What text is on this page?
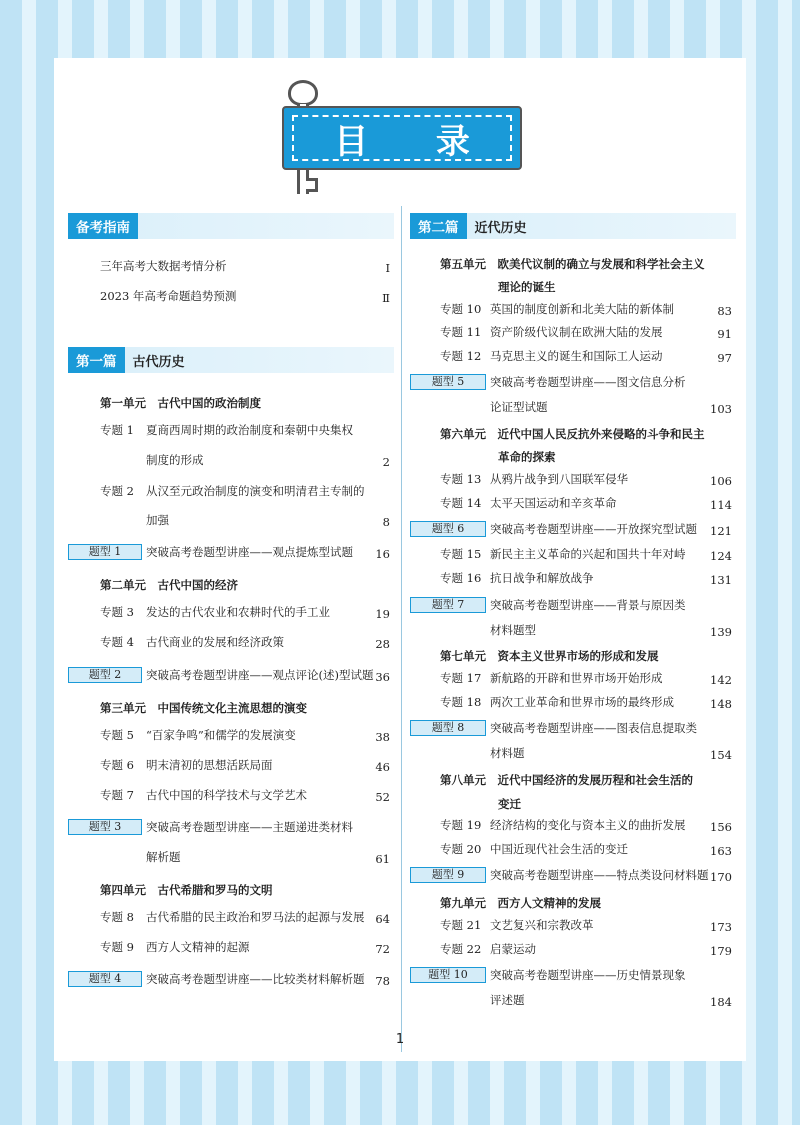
目 录
备考指南
三年高考大数据考情分析	Ⅰ
2023 年高考命题趋势预测	Ⅱ
第一篇	古代历史
第一单元　古代中国的政治制度
专题 1 夏商西周时期的政治制度和秦朝中央集权
制度的形成	2
专题 2 从汉至元政治制度的演变和明清君主专制的
加强	8
题型 1	突破高考卷题型讲座——观点提炼型试题	16
第二单元　古代中国的经济
专题 3 发达的古代农业和农耕时代的手工业	19
专题 4 古代商业的发展和经济政策	28
题型 2	突破高考卷题型讲座——观点评论(述)型试题 36
第三单元　中国传统文化主流思想的演变
专题 5 “百家争鸣”和儒学的发展演变	38
专题 6 明末清初的思想活跃局面	46
专题 7 古代中国的科学技术与文学艺术	52
题型 3	突破高考卷题型讲座——主题递进类材料
解析题	61
第四单元　古代希腊和罗马的文明
专题 8 古代希腊的民主政治和罗马法的起源与发展 64
专题 9 西方人文精神的起源	72
题型 4	突破高考卷题型讲座——比较类材料解析题 78
第二篇	近代历史
第五单元　欧美代议制的确立与发展和科学社会主义
理论的诞生
专题 10 英国的制度创新和北美大陆的新体制	83
专题 11 资产阶级代议制在欧洲大陆的发展	91
专题 12 马克思主义的诞生和国际工人运动	97
题型 5	突破高考卷题型讲座——图文信息分析
论证型试题	103
第六单元　近代中国人民反抗外来侵略的斗争和民主
革命的探索
专题 13 从鸦片战争到八国联军侵华	106
专题 14 太平天国运动和辛亥革命	114
题型 6	突破高考卷题型讲座——开放探究型试题	121
专题 15 新民主主义革命的兴起和国共十年对峙	124
专题 16 抗日战争和解放战争	131
题型 7	突破高考卷题型讲座——背景与原因类
材料题型	139
第七单元　资本主义世界市场的形成和发展
专题 17 新航路的开辟和世界市场开始形成	142
专题 18 两次工业革命和世界市场的最终形成	148
题型 8	突破高考卷题型讲座——图表信息提取类
材料题	154
第八单元　近代中国经济的发展历程和社会生活的
变迁
专题 19 经济结构的变化与资本主义的曲折发展	156
专题 20 中国近现代社会生活的变迁	163
题型 9	突破高考卷题型讲座——特点类设问材料题 170
第九单元　西方人文精神的发展
专题 21 文艺复兴和宗教改革	173
专题 22 启蒙运动	179
题型 10	突破高考卷题型讲座——历史情景现象
评述题	184
1
